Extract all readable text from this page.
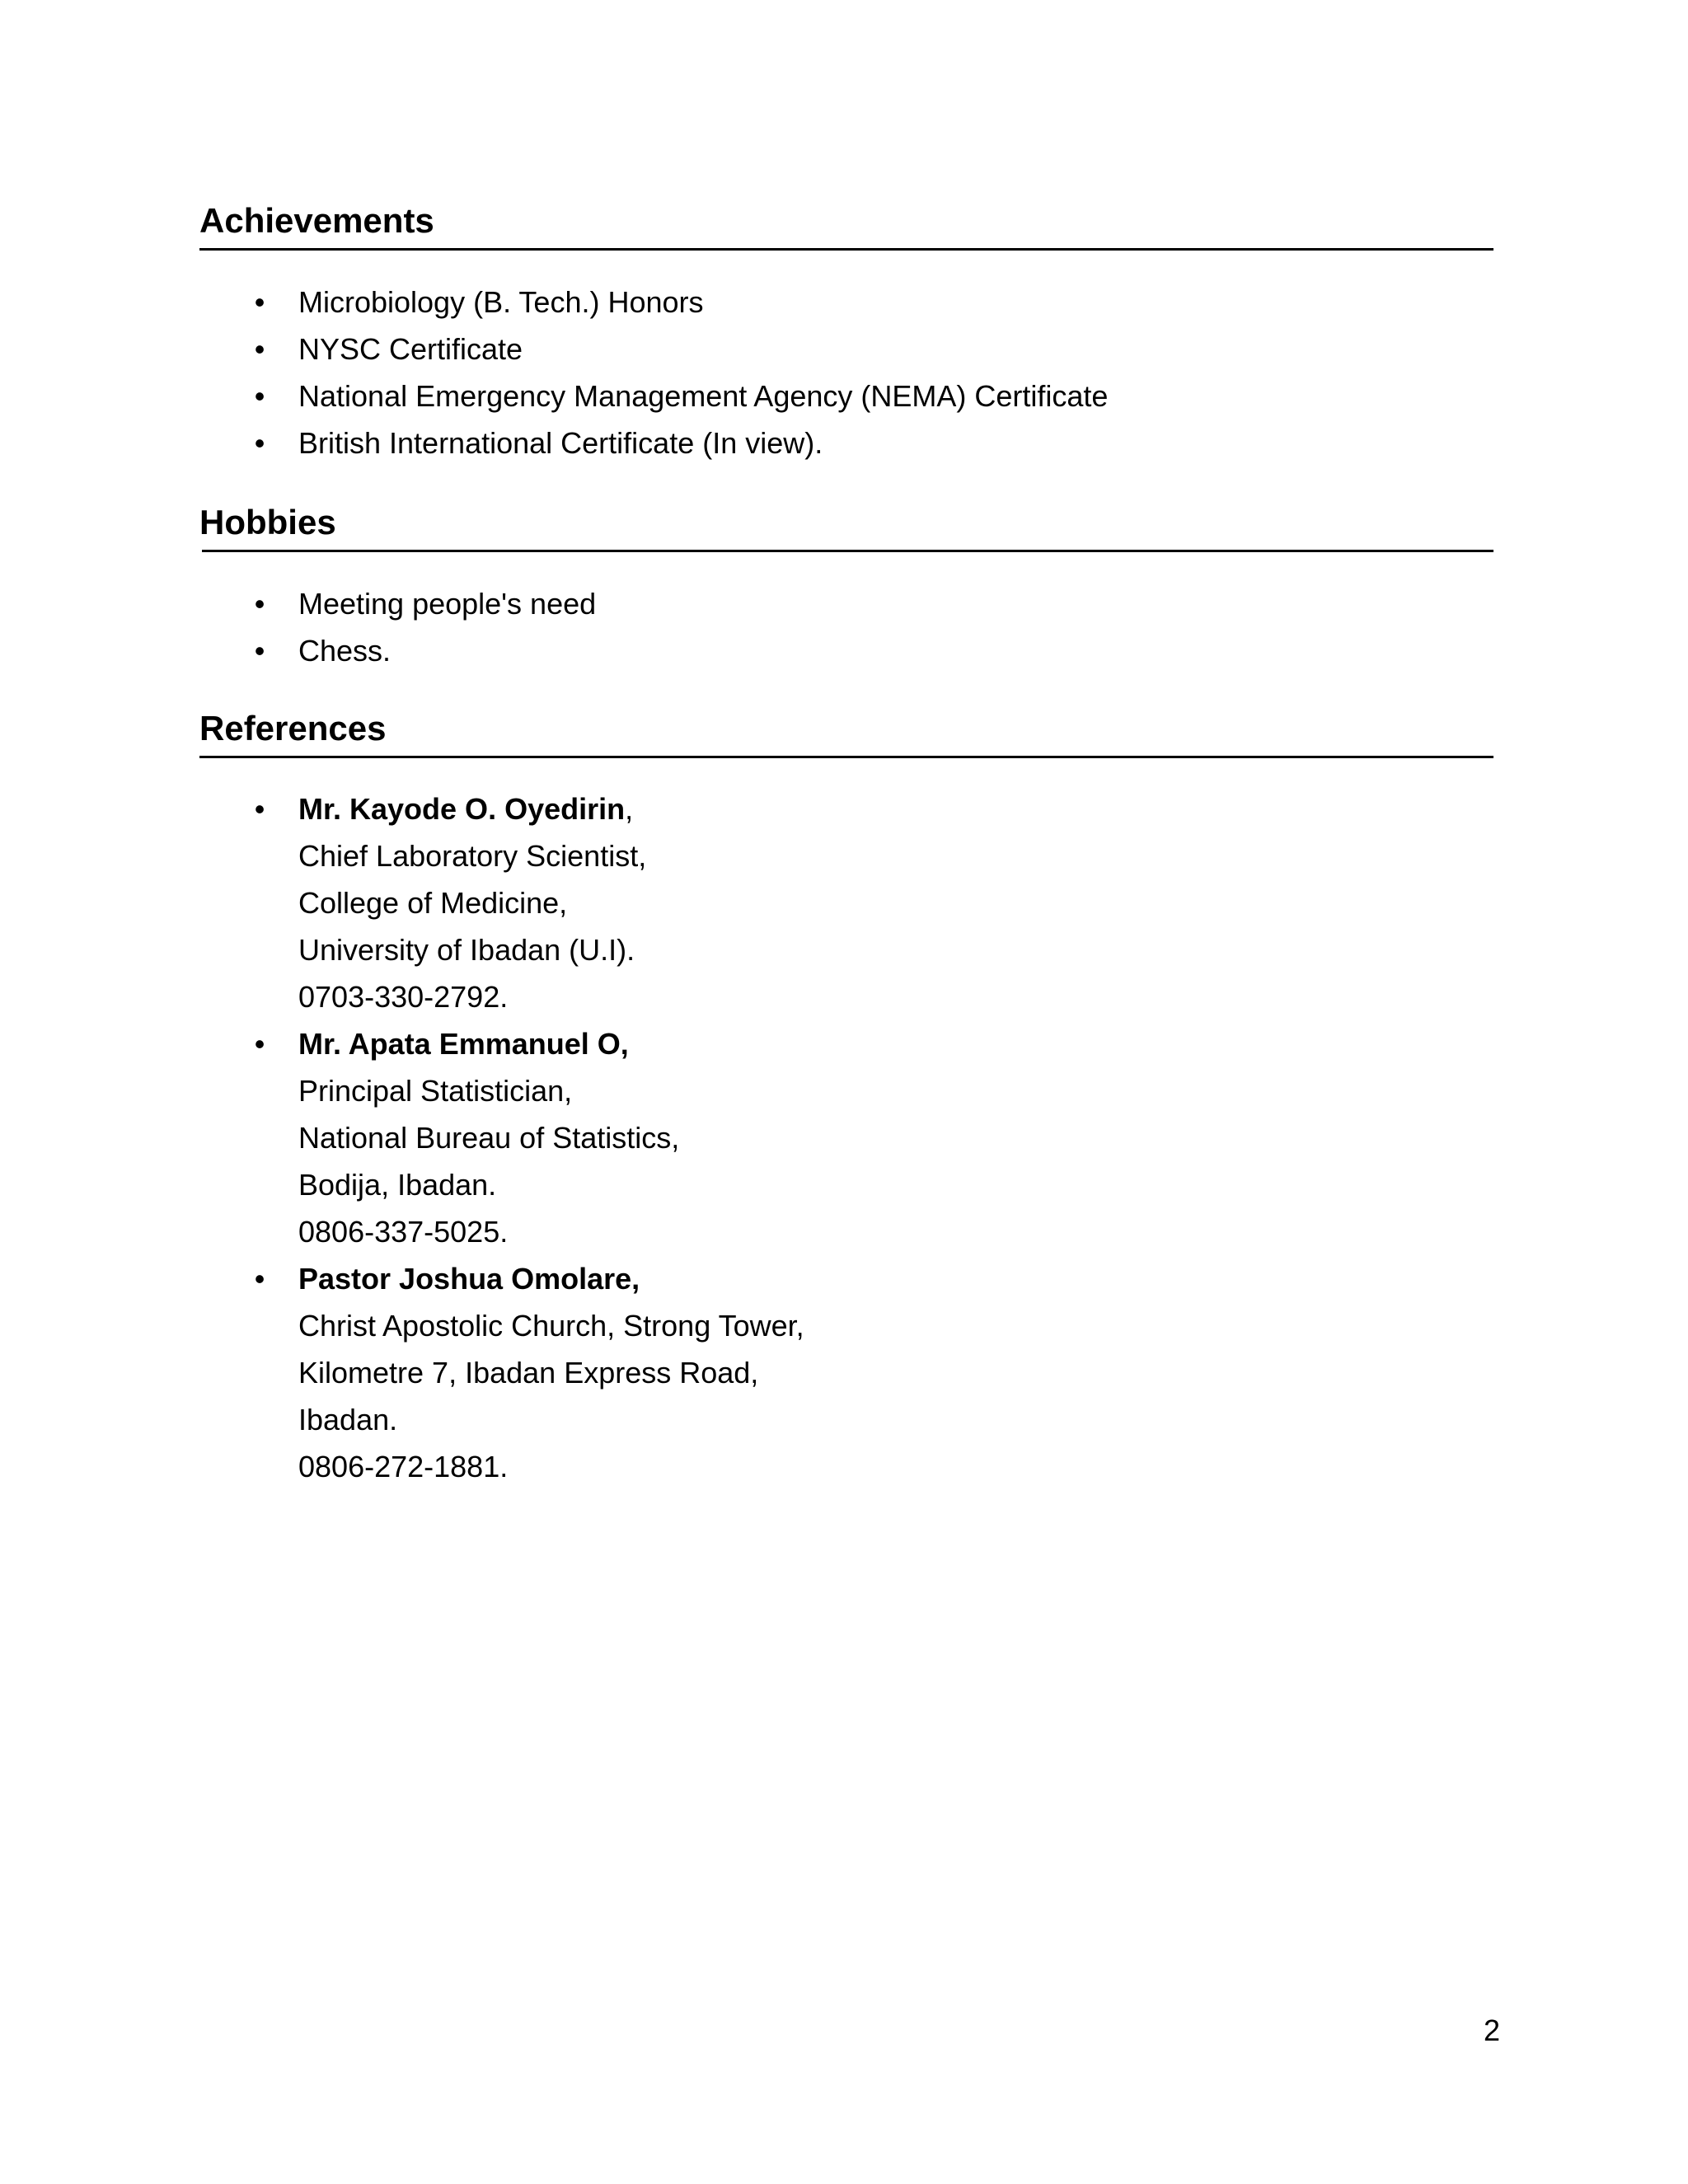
Achievements
• Microbiology (B. Tech.) Honors
• NYSC Certificate
• National Emergency Management Agency (NEMA) Certificate
• British International Certificate (In view).
Hobbies
• Meeting people's need
• Chess.
References
• Mr. Kayode O. Oyedirin,
Chief Laboratory Scientist,
College of Medicine,
University of Ibadan (U.I).
0703-330-2792.
• Mr. Apata Emmanuel O,
Principal Statistician,
National Bureau of Statistics,
Bodija, Ibadan.
0806-337-5025.
• Pastor Joshua Omolare,
Christ Apostolic Church, Strong Tower,
Kilometre 7, Ibadan Express Road,
Ibadan.
0806-272-1881.
2
